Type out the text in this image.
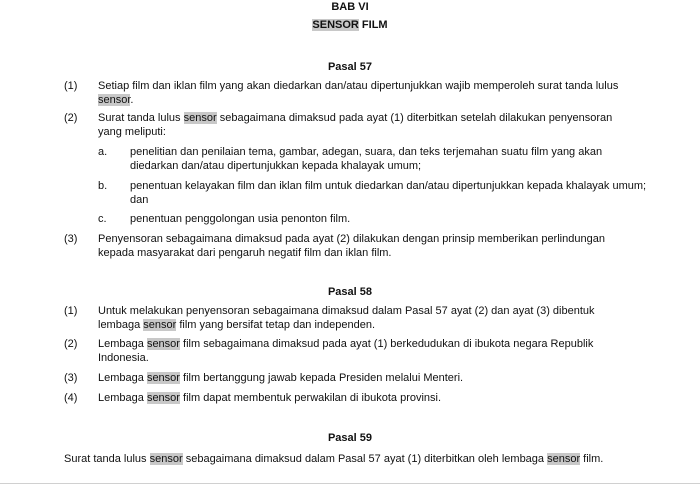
BAB VI
SENSOR FILM
Pasal 57
(1) Setiap film dan iklan film yang akan diedarkan dan/atau dipertunjukkan wajib memperoleh surat tanda lulus sensor.
(2) Surat tanda lulus sensor sebagaimana dimaksud pada ayat (1) diterbitkan setelah dilakukan penyensoran yang meliputi:
a. penelitian dan penilaian tema, gambar, adegan, suara, dan teks terjemahan suatu film yang akan diedarkan dan/atau dipertunjukkan kepada khalayak umum;
b. penentuan kelayakan film dan iklan film untuk diedarkan dan/atau dipertunjukkan kepada khalayak umum; dan
c. penentuan penggolongan usia penonton film.
(3) Penyensoran sebagaimana dimaksud pada ayat (2) dilakukan dengan prinsip memberikan perlindungan kepada masyarakat dari pengaruh negatif film dan iklan film.
Pasal 58
(1) Untuk melakukan penyensoran sebagaimana dimaksud dalam Pasal 57 ayat (2) dan ayat (3) dibentuk lembaga sensor film yang bersifat tetap dan independen.
(2) Lembaga sensor film sebagaimana dimaksud pada ayat (1) berkedudukan di ibukota negara Republik Indonesia.
(3) Lembaga sensor film bertanggung jawab kepada Presiden melalui Menteri.
(4) Lembaga sensor film dapat membentuk perwakilan di ibukota provinsi.
Pasal 59
Surat tanda lulus sensor sebagaimana dimaksud dalam Pasal 57 ayat (1) diterbitkan oleh lembaga sensor film.
